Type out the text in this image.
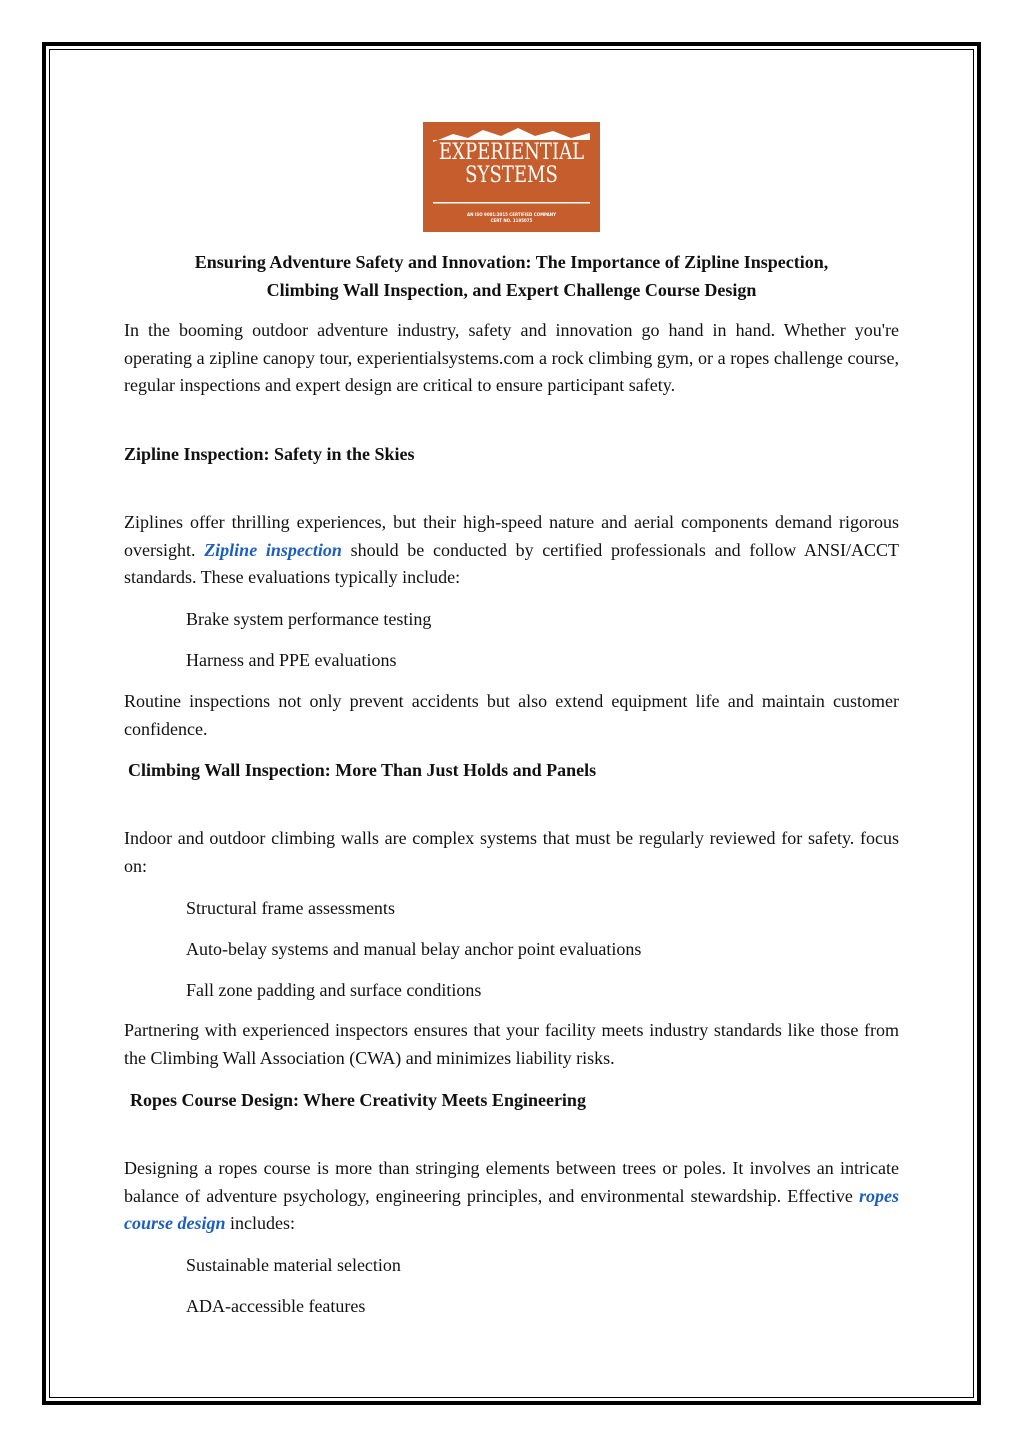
EXPERIENTIAL
SYSTEMS
AN ISO 9001:2015 CERTIFIED COMPANY
CERT NO. 1195075
Ensuring Adventure Safety and Innovation: The Importance of Zipline Inspection,
Climbing Wall Inspection, and Expert Challenge Course Design
In the booming outdoor adventure industry, safety and innovation go hand in hand. Whether you're operating a zipline canopy tour, experientialsystems.com a rock climbing gym, or a ropes challenge course, regular inspections and expert design are critical to ensure participant safety.
Zipline Inspection: Safety in the Skies
Ziplines offer thrilling experiences, but their high-speed nature and aerial components demand rigorous oversight. Zipline inspection should be conducted by certified professionals and follow ANSI/ACCT standards. These evaluations typically include:
Brake system performance testing
Harness and PPE evaluations
Routine inspections not only prevent accidents but also extend equipment life and maintain customer confidence.
Climbing Wall Inspection: More Than Just Holds and Panels
Indoor and outdoor climbing walls are complex systems that must be regularly reviewed for safety. focus on:
Structural frame assessments
Auto-belay systems and manual belay anchor point evaluations
Fall zone padding and surface conditions
Partnering with experienced inspectors ensures that your facility meets industry standards like those from the Climbing Wall Association (CWA) and minimizes liability risks.
Ropes Course Design: Where Creativity Meets Engineering
Designing a ropes course is more than stringing elements between trees or poles. It involves an intricate balance of adventure psychology, engineering principles, and environmental stewardship. Effective ropes course design includes:
Sustainable material selection
ADA-accessible features
